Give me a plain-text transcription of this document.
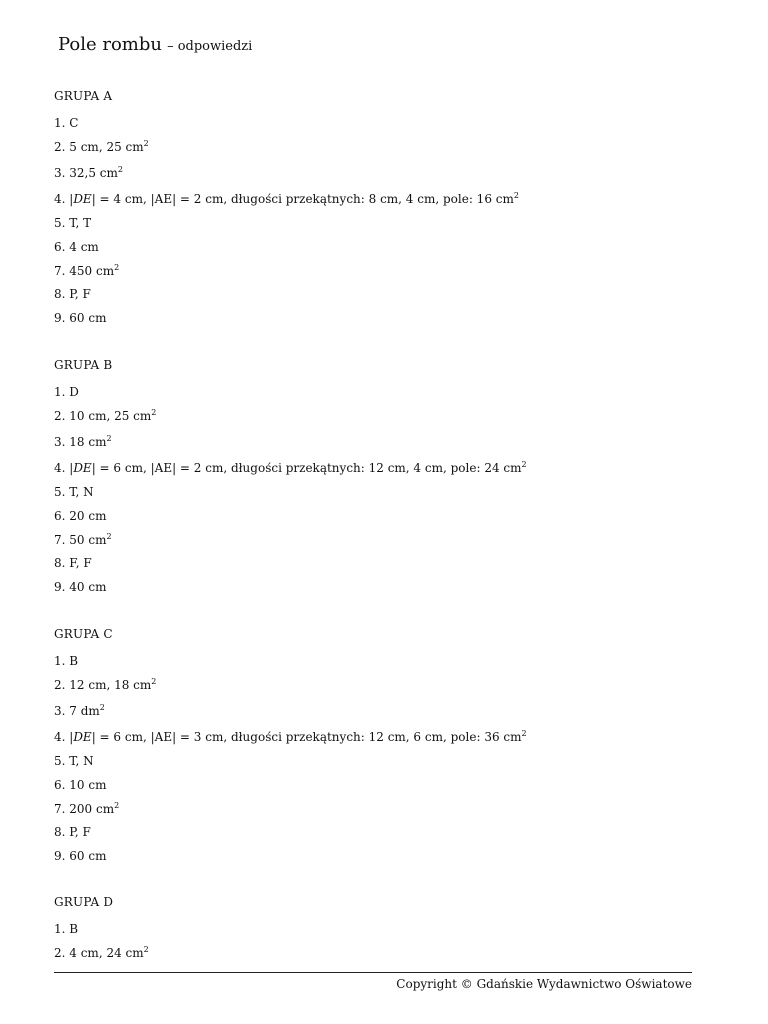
Pole rombu – odpowiedzi
GRUPA A
1. C
2. 5 cm, 25 $cm^2$
3. 32,5 $cm^2$
4. |DE| = 4 cm, |AE| = 2 cm, długości przekątnych: 8 cm, 4 cm, pole: 16 $cm^2$
5. T, T
6. 4 cm
7. 450 $cm^2$
8. P, F
9. 60 cm
GRUPA B
1. D
2. 10 cm, 25 $cm^2$
3. 18 $cm^2$
4. |DE| = 6 cm, |AE| = 2 cm, długości przekątnych: 12 cm, 4 cm, pole: 24 $cm^2$
5. T, N
6. 20 cm
7. 50 $cm^2$
8. F, F
9. 40 cm
GRUPA C
1. B
2. 12 cm, 18 $cm^2$
3. 7 $dm^2$
4. |DE| = 6 cm, |AE| = 3 cm, długości przekątnych: 12 cm, 6 cm, pole: 36 $cm^2$
5. T, N
6. 10 cm
7. 200 $cm^2$
8. P, F
9. 60 cm
GRUPA D
1. B
2. 4 cm, 24 $cm^2$
Copyright © Gdańskie Wydawnictwo Oświatowe
